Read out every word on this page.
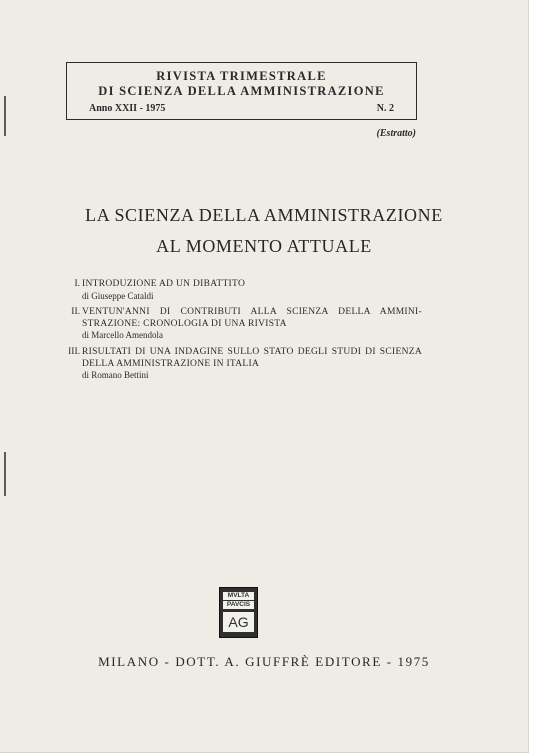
RIVISTA TRIMESTRALE
DI SCIENZA DELLA AMMINISTRAZIONE
Anno XXII - 1975	N. 2
(Estratto)
LA SCIENZA DELLA AMMINISTRAZIONE
AL MOMENTO ATTUALE
I. INTRODUZIONE AD UN DIBATTITO
di Giuseppe Cataldi
II. VENTUN'ANNI DI CONTRIBUTI ALLA SCIENZA DELLA AMMINI- STRAZIONE: CRONOLOGIA DI UNA RIVISTA
di Marcello Amendola
III. RISULTATI DI UNA INDAGINE SULLO STATO DEGLI STUDI DI SCIENZA DELLA AMMINISTRAZIONE IN ITALIA
di Romano Bettini
MVLTA
PAVCIS
AG
MILANO - DOTT. A. GIUFFRÈ EDITORE - 1975
